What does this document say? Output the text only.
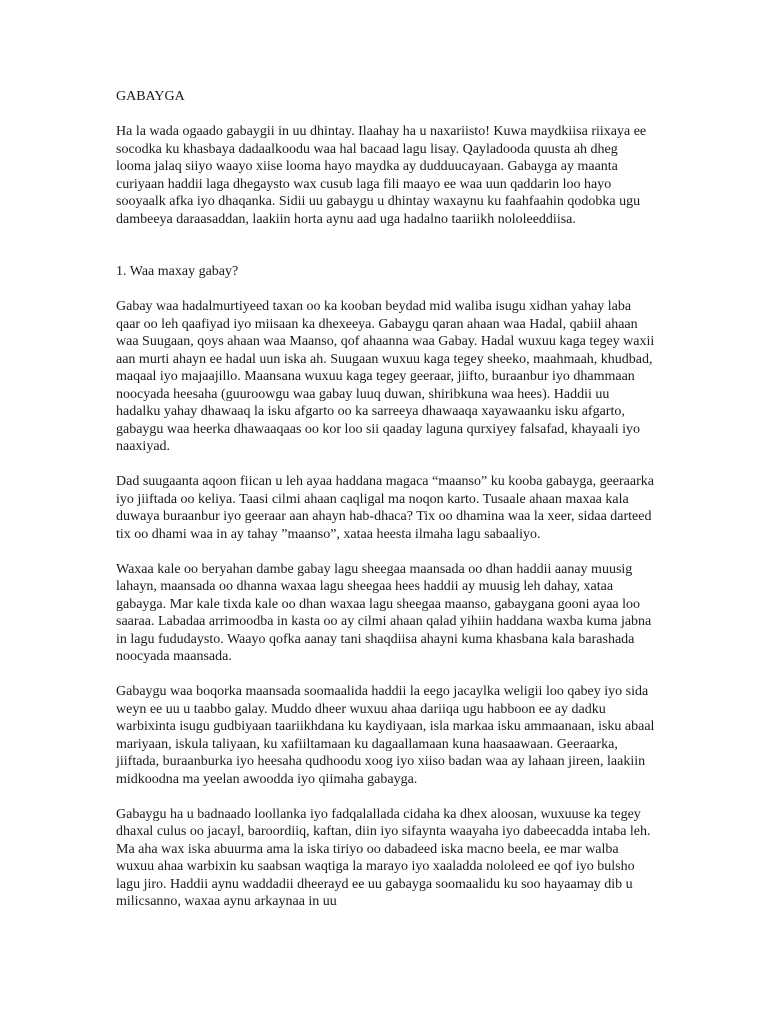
GABAYGA

Ha la wada ogaado gabaygii in uu dhintay. Ilaahay ha u naxariisto! Kuwa maydkiisa riixaya ee socodka ku khasbaya dadaalkoodu waa hal bacaad lagu lisay. Qayladooda quusta ah dheg looma jalaq siiyo waayo xiise looma hayo maydka ay dudduucayaan. Gabayga ay maanta curiyaan haddii laga dhegaysto wax cusub laga fili maayo ee waa uun qaddarin loo hayo sooyaalk afka iyo dhaqanka. Sidii uu gabaygu u dhintay waxaynu ku faahfaahin qodobka ugu dambeeya daraasaddan, laakiin horta aynu aad uga hadalno taariikh nololeeddiisa.

1. Waa maxay gabay?

Gabay waa hadalmurtiyeed taxan oo ka kooban beydad mid waliba isugu xidhan yahay laba qaar oo leh qaafiyad iyo miisaan ka dhexeeya. Gabaygu qaran ahaan waa Hadal, qabiil ahaan waa Suugaan, qoys ahaan waa Maanso, qof ahaanna waa Gabay. Hadal wuxuu kaga tegey waxii aan murti ahayn ee hadal uun iska ah. Suugaan wuxuu kaga tegey sheeko, maahmaah, khudbad, maqaal iyo majaajillo. Maansana wuxuu kaga tegey geeraar, jiifto, buraanbur iyo dhammaan noocyada heesaha (guuroowgu waa gabay luuq duwan, shiribkuna waa hees). Haddii uu hadalku yahay dhawaaq la isku afgarto oo ka sarreeya dhawaaqa xayawaanku isku afgarto, gabaygu waa heerka dhawaaqaas oo kor loo sii qaaday laguna qurxiyey falsafad, khayaali iyo naaxiyad.

Dad suugaanta aqoon fiican u leh ayaa haddana magaca “maanso” ku kooba gabayga, geeraarka iyo jiiftada oo keliya. Taasi cilmi ahaan caqligal ma noqon karto. Tusaale ahaan maxaa kala duwaya buraanbur iyo geeraar aan ahayn hab-dhaca? Tix oo dhamina waa la xeer, sidaa darteed tix oo dhami waa in ay tahay ”maanso”, xataa heesta ilmaha lagu sabaaliyo.

Waxaa kale oo beryahan dambe gabay lagu sheegaa maansada oo dhan haddii aanay muusig lahayn, maansada oo dhanna waxaa lagu sheegaa hees haddii ay muusig leh dahay, xataa gabayga. Mar kale tixda kale oo dhan waxaa lagu sheegaa maanso, gabaygana gooni ayaa loo saaraa. Labadaa arrimoodba in kasta oo ay cilmi ahaan qalad yihiin haddana waxba kuma jabna in lagu fududaysto. Waayo qofka aanay tani shaqdiisa ahayni kuma khasbana kala barashada noocyada maansada.

Gabaygu waa boqorka maansada soomaalida haddii la eego jacaylka weligii loo qabey iyo sida weyn ee uu u taabbo galay. Muddo dheer wuxuu ahaa dariiqa ugu habboon ee ay dadku warbixinta isugu gudbiyaan taariikhdana ku kaydiyaan, isla markaa isku ammaanaan, isku abaal mariyaan, iskula taliyaan, ku xafiiltamaan ku dagaallamaan kuna haasaawaan. Geeraarka, jiiftada, buraanburka iyo heesaha qudhoodu xoog iyo xiiso badan waa ay lahaan jireen, laakiin midkoodna ma yeelan awoodda iyo qiimaha gabayga.

Gabaygu ha u badnaado loollanka iyo fadqalallada cidaha ka dhex aloosan, wuxuuse ka tegey dhaxal culus oo jacayl, baroordiiq, kaftan, diin iyo sifaynta waayaha iyo dabeecadda intaba leh. Ma aha wax iska abuurma ama la iska tiriyo oo dabadeed iska macno beela, ee mar walba wuxuu ahaa warbixin ku saabsan waqtiga la marayo iyo xaaladda nololeed ee qof iyo bulsho lagu jiro. Haddii aynu waddadii dheerayd ee uu gabayga soomaalidu ku soo hayaamay dib u milicsanno, waxaa aynu arkaynaa in uu
